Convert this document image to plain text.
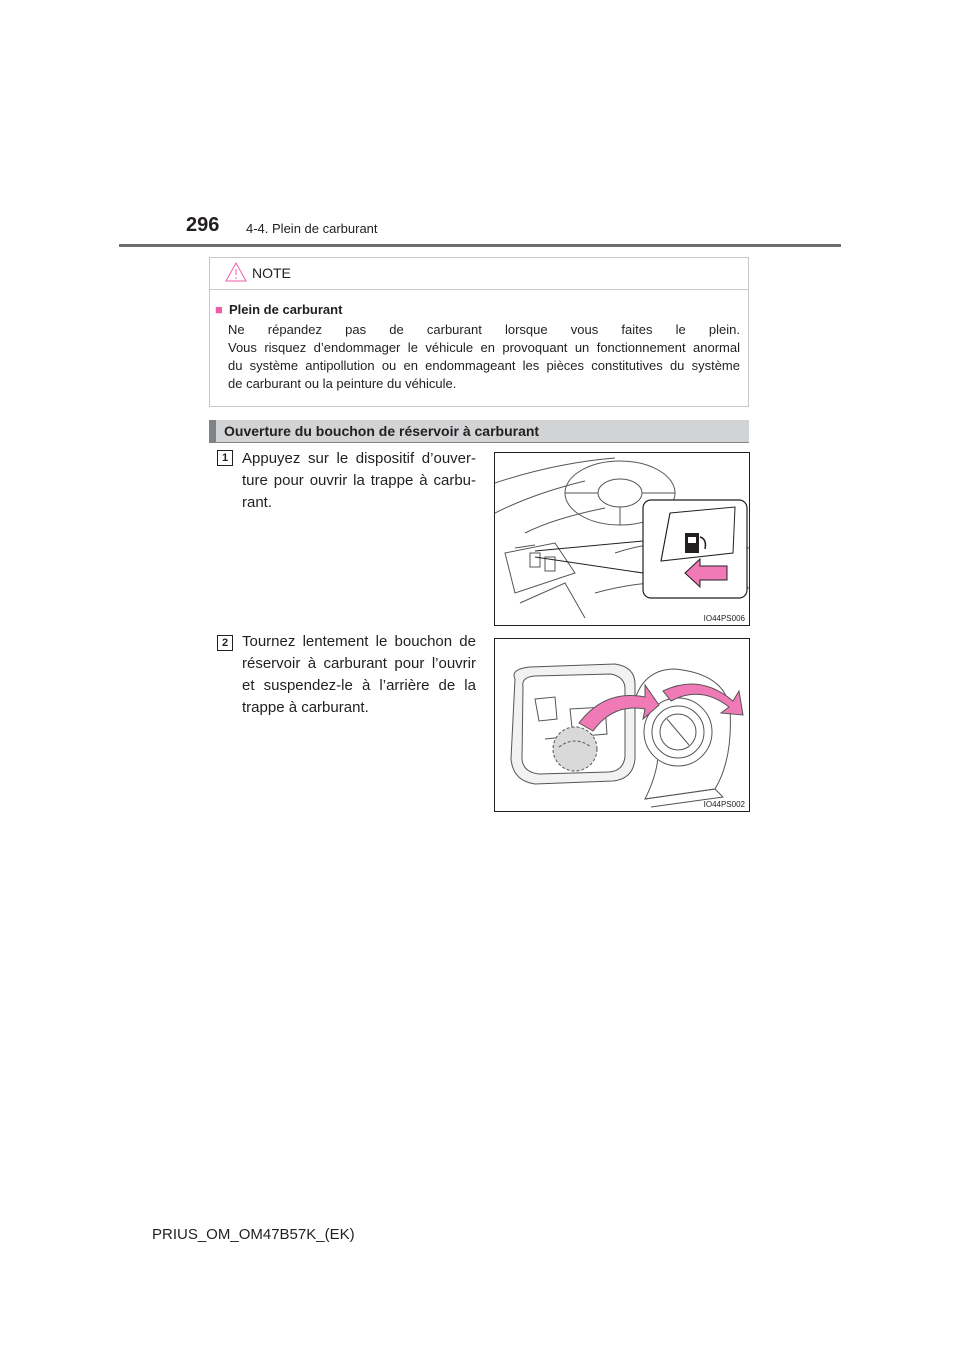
296 4-4. Plein de carburant
NOTE
■ Plein de carburant
Ne répandez pas de carburant lorsque vous faites le plein.
Vous risquez d’endommager le véhicule en provoquant un fonctionnement anormal
du système antipollution ou en endommageant les pièces constitutives du système
de carburant ou la peinture du véhicule.
Ouverture du bouchon de réservoir à carburant
1 Appuyez sur le dispositif d’ouver-
ture pour ouvrir la trappe à carbu-
rant.
IO44PS006
2 Tournez lentement le bouchon de
réservoir à carburant pour l’ouvrir
et suspendez-le à l’arrière de la
trappe à carburant.
IO44PS002
PRIUS_OM_OM47B57K_(EK)
